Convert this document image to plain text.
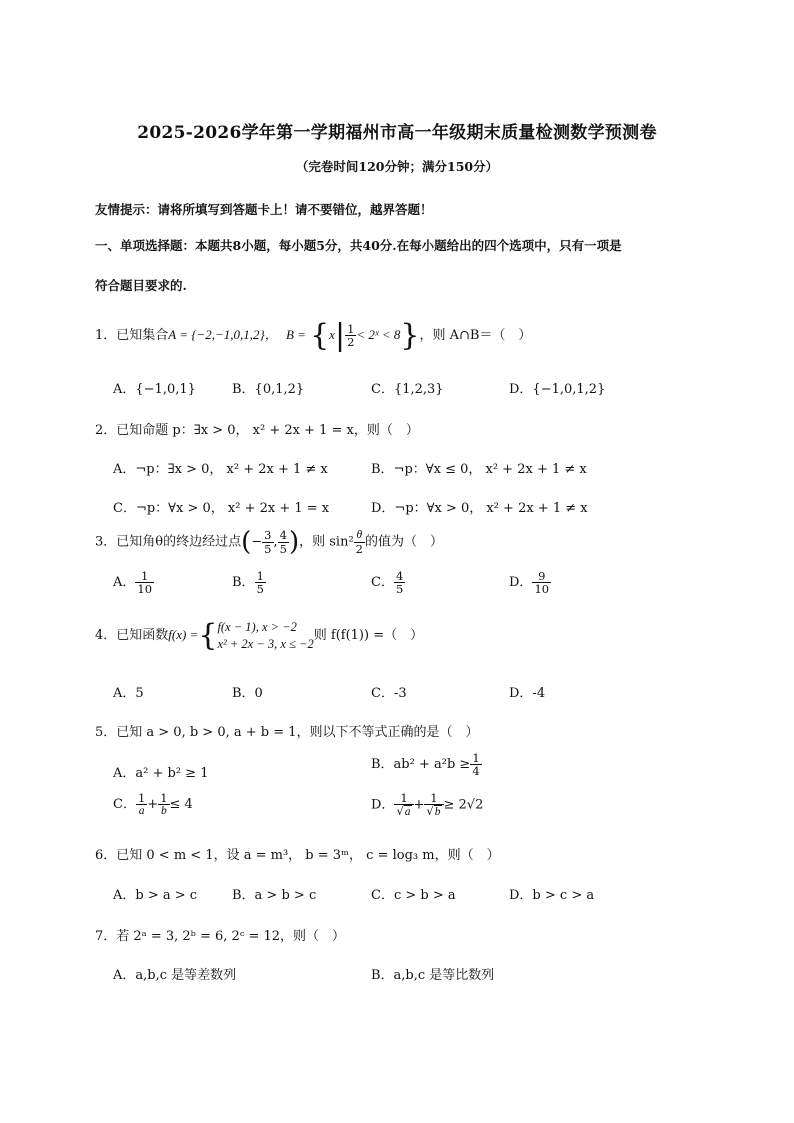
2025-2026学年第一学期福州市高一年级期末质量检测数学预测卷
（完卷时间120分钟；满分150分）
友情提示：请将所填写到答题卡上！请不要错位，越界答题！
一、单项选择题：本题共8小题，每小题5分，共40分.在每小题给出的四个选项中，只有一项是
符合题目要求的.
1．已知集合A = {−2,−1,0,1,2}， $B = \{x| \frac{1}{2}$ < 2ˣ < 8}，则 A∩B＝（　）
A．{−1,0,1}	B．{0,1,2}	C．{1,2,3}	D．{−1,0,1,2}
2．已知命题 p：∃x > 0， x² + 2x + 1 = x，则（　）
A．¬p：∃x > 0， x² + 2x + 1 ≠ x	B．¬p：∀x ≤ 0， x² + 2x + 1 ≠ x
C．¬p：∀x > 0， x² + 2x + 1 = x	D．¬p：∀x > 0， x² + 2x + 1 ≠ x
3．已知角θ的终边经过点(− $\frac{3}{5}$ , $\frac{4}{5}$ )，则 $\sin^2 \frac{\theta}{2}$ 的值为（　）
A． $\frac{1}{10}$	B． $\frac{1}{5}$	C． $\frac{4}{5}$	D． $\frac{9}{10}$
4．已知函数f(x) ={ f(x − 1), x > −2
x² + 2x − 3, x ≤ −2
则 f(f(1)) =（　）
A．5	B．0	C．-3	D．-4
5．已知 a > 0, b > 0, a + b = 1，则以下不等式正确的是（　）
A．a² + b² ≥ 1
B．$ab^2 + a^2b \ge \frac{1}{4}$
C． $\frac{1}{a} + \frac{1}{b} \le 4$	D． $\frac{1}{√a} + \frac{1}{√b} \ge 2√2$
6．已知 0 < m < 1，设 a = m³， b = 3ᵐ， c = log₃ m，则（　）
A．b > a > c	B．a > b > c	C．c > b > a	D．b > c > a
7．若 2ᵃ = 3, 2ᵇ = 6, 2ᶜ = 12，则（　）
A．a,b,c 是等差数列	B．a,b,c 是等比数列
